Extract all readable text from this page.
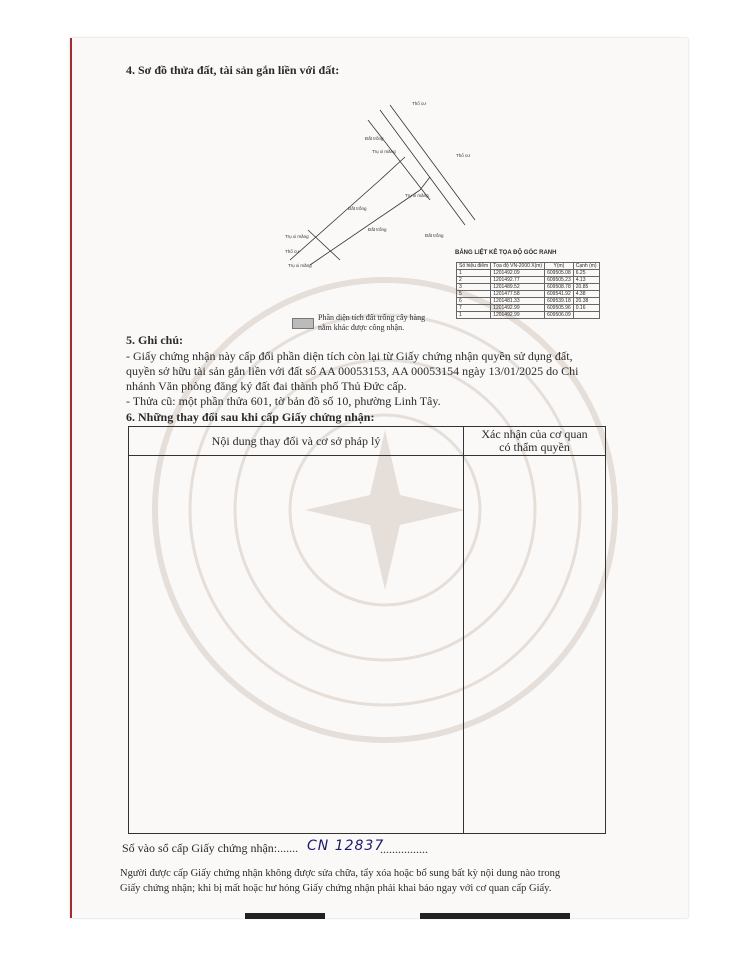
4. Sơ đồ thửa đất, tài sản gắn liền với đất:

Thổ cư
Đất trống
Trụ xi măng
Thổ cư
Trụ xi măng
Đất trống
Đất trống
Đất trống
Trụ xi măng
Thổ cư
Trụ xi măng
BẢNG LIỆT KÊ TỌA ĐỘ GÓC RANH
Số hiệu điểm	Tọa độ VN-2000 X(m)	Y(m)	Cạnh (m)
1	1201492.09	609505.08	6.25
2	1201492.77	609505.23	4.13
3	1201489.52	609508.78	20.85
5	1201477.58	609541.92	4.38
6	1201481.33	609539.18	20.38
7	1201492.99	609505.96	0.16
1	1201492.99	609506.09	
Phần diện tích đất trống cây hàng
nằm khác được công nhận.

5. Ghi chú:

- Giấy chứng nhận này cấp đổi phần diện tích còn lại từ Giấy chứng nhận quyền sử dụng đất,

quyền sở hữu tài sản gắn liền với đất số AA 00053153, AA 00053154 ngày 13/01/2025 do Chi

nhánh Văn phòng đăng ký đất đai thành phố Thủ Đức cấp.

- Thửa cũ: một phần thửa 601, tờ bản đồ số 10, phường Linh Tây.

6. Những thay đổi sau khi cấp Giấy chứng nhận:

Nội dung thay đổi và cơ sở pháp lý	Xác nhận của cơ quan
có thẩm quyền

Số vào sổ cấp Giấy chứng nhận:....... CN 12837
................
Người được cấp Giấy chứng nhận không được sửa chữa, tẩy xóa hoặc bổ sung bất kỳ nội dung nào trong
Giấy chứng nhận; khi bị mất hoặc hư hỏng Giấy chứng nhận phải khai báo ngay với cơ quan cấp Giấy.
